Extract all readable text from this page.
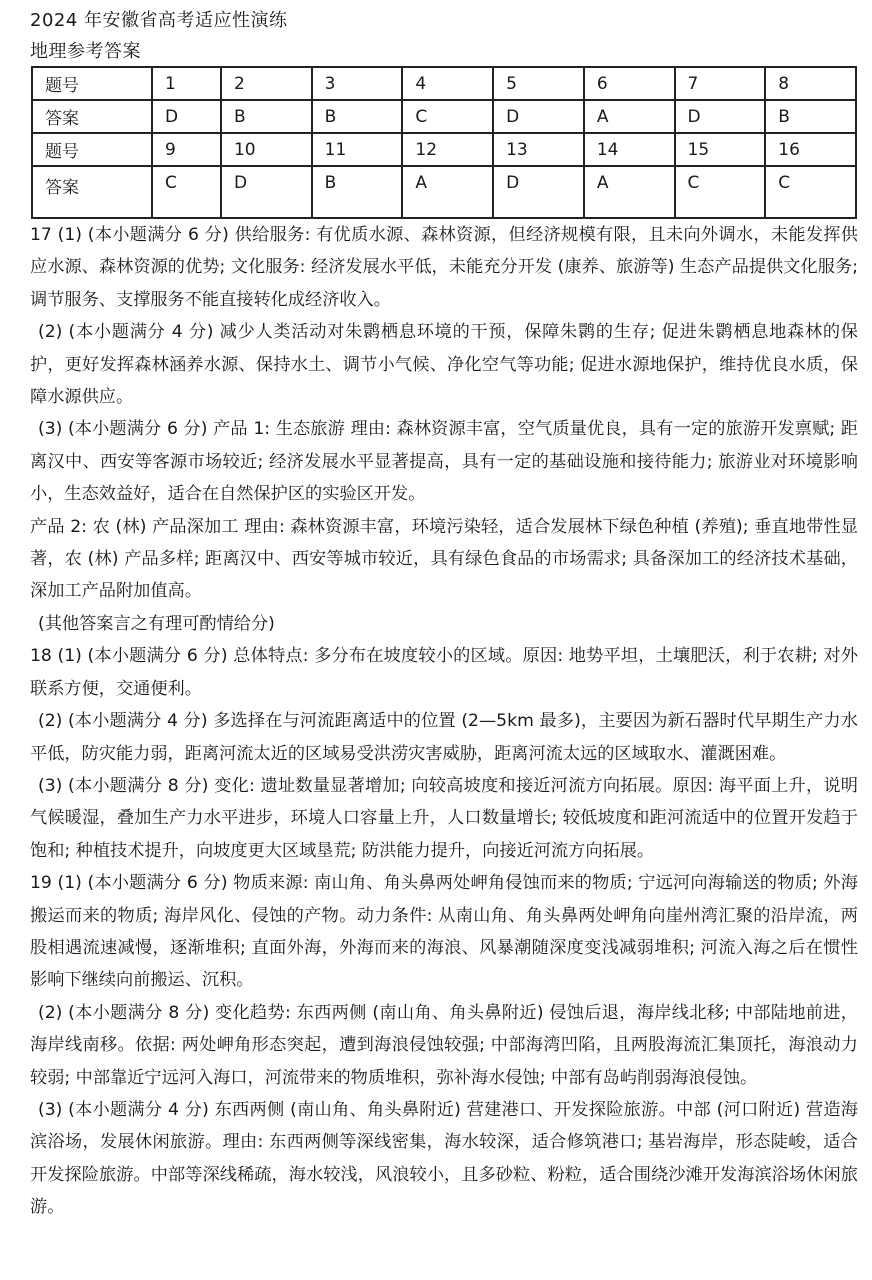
2024 年安徽省高考适应性演练
地理参考答案
题号	1	2	3	4	5	6	7	8
答案	D	B	B	C	D	A	D	B
题号	9	10	11	12	13	14	15	16
答案	C	D	B	A	D	A	C	C

17 (1) (本小题满分 6 分) 供给服务: 有优质水源、森林资源，但经济规模有限，且未向外调水，未能发挥供应水源、森林资源的优势; 文化服务: 经济发展水平低，未能充分开发 (康养、旅游等) 生态产品提供文化服务; 调节服务、支撑服务不能直接转化成经济收入。

(2) (本小题满分 4 分) 减少人类活动对朱鹮栖息环境的干预，保障朱鹮的生存; 促进朱鹮栖息地森林的保护，更好发挥森林涵养水源、保持水土、调节小气候、净化空气等功能; 促进水源地保护，维持优良水质，保障水源供应。

(3) (本小题满分 6 分) 产品 1: 生态旅游 理由: 森林资源丰富，空气质量优良，具有一定的旅游开发禀赋; 距离汉中、西安等客源市场较近; 经济发展水平显著提高，具有一定的基础设施和接待能力; 旅游业对环境影响小，生态效益好，适合在自然保护区的实验区开发。

产品 2: 农 (林) 产品深加工 理由: 森林资源丰富，环境污染轻，适合发展林下绿色种植 (养殖); 垂直地带性显著，农 (林) 产品多样; 距离汉中、西安等城市较近，具有绿色食品的市场需求; 具备深加工的经济技术基础，深加工产品附加值高。

(其他答案言之有理可酌情给分)

18 (1) (本小题满分 6 分) 总体特点: 多分布在坡度较小的区域。原因: 地势平坦，土壤肥沃，利于农耕; 对外联系方便，交通便利。

(2) (本小题满分 4 分) 多选择在与河流距离适中的位置 (2—5km 最多)，主要因为新石器时代早期生产力水平低，防灾能力弱，距离河流太近的区域易受洪涝灾害威胁，距离河流太远的区域取水、灌溉困难。

(3) (本小题满分 8 分) 变化: 遗址数量显著增加; 向较高坡度和接近河流方向拓展。原因: 海平面上升，说明气候暖湿，叠加生产力水平进步，环境人口容量上升，人口数量增长; 较低坡度和距河流适中的位置开发趋于饱和; 种植技术提升，向坡度更大区域垦荒; 防洪能力提升，向接近河流方向拓展。

19 (1) (本小题满分 6 分) 物质来源: 南山角、角头鼻两处岬角侵蚀而来的物质; 宁远河向海输送的物质; 外海搬运而来的物质; 海岸风化、侵蚀的产物。动力条件: 从南山角、角头鼻两处岬角向崖州湾汇聚的沿岸流，两股相遇流速减慢，逐渐堆积; 直面外海，外海而来的海浪、风暴潮随深度变浅减弱堆积; 河流入海之后在惯性影响下继续向前搬运、沉积。

(2) (本小题满分 8 分) 变化趋势: 东西两侧 (南山角、角头鼻附近) 侵蚀后退，海岸线北移; 中部陆地前进，海岸线南移。依据: 两处岬角形态突起，遭到海浪侵蚀较强; 中部海湾凹陷，且两股海流汇集顶托，海浪动力较弱; 中部靠近宁远河入海口，河流带来的物质堆积，弥补海水侵蚀; 中部有岛屿削弱海浪侵蚀。

(3) (本小题满分 4 分) 东西两侧 (南山角、角头鼻附近) 营建港口、开发探险旅游。中部 (河口附近) 营造海滨浴场，发展休闲旅游。理由: 东西两侧等深线密集，海水较深，适合修筑港口; 基岩海岸，形态陡峻，适合开发探险旅游。中部等深线稀疏，海水较浅，风浪较小，且多砂粒、粉粒，适合围绕沙滩开发海滨浴场休闲旅游。
